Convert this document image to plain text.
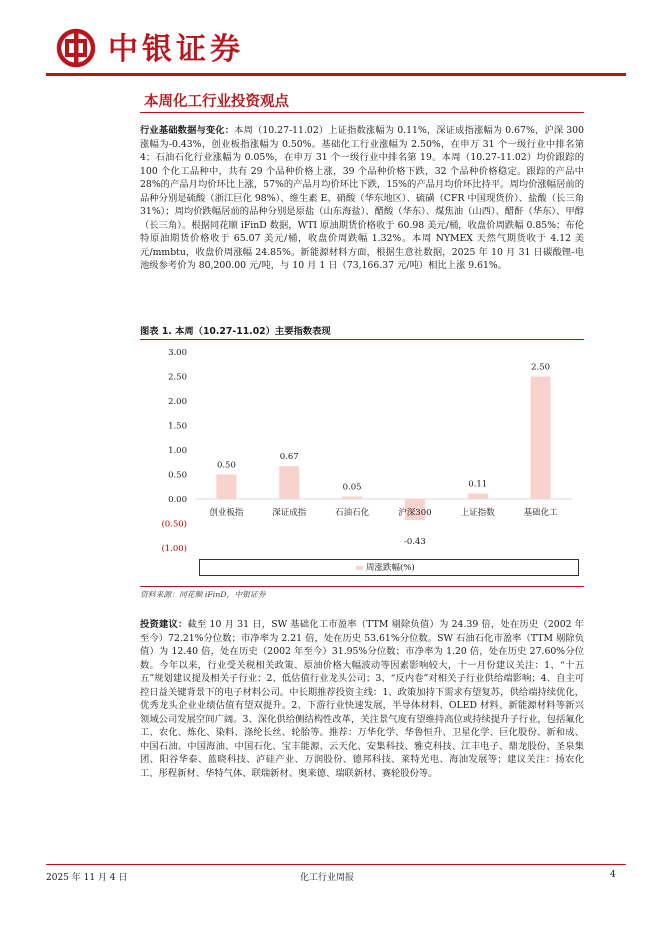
中银证券
本周化工行业投资观点
行业基础数据与变化：本周（10.27-11.02）上证指数涨幅为 0.11%，深证成指涨幅为 0.67%，沪深 300 涨幅为-0.43%，创业板指涨幅为 0.50%。基础化工行业涨幅为 2.50%，在申万 31 个一级行业中排名第 4；石油石化行业涨幅为 0.05%，在申万 31 个一级行业中排名第 19。本周（10.27-11.02）均价跟踪的 100 个化工品种中，共有 29 个品种价格上涨，39 个品种价格下跌，32 个品种价格稳定。跟踪的产品中 28%的产品月均价环比上涨，57%的产品月均价环比下跌，15%的产品月均价环比持平。周均价涨幅居前的品种分别是硫酸（浙江巨化 98%）、维生素 E、硝酸（华东地区）、硫磺（CFR 中国现货价）、盐酸（长三角 31%）；周均价跌幅居前的品种分别是原盐（山东海盐）、醋酸（华东）、煤焦油（山西）、醋酐（华东）、甲醇（长三角）。根据同花顺 iFinD 数据，WTI 原油期货价格收于 60.98 美元/桶，收盘价周跌幅 0.85%；布伦特原油期货价格收于 65.07 美元/桶，收盘价周跌幅 1.32%。本周 NYMEX 天然气期货收于 4.12 美元/mmbtu，收盘价周涨幅 24.85%。新能源材料方面，根据生意社数据，2025 年 10 月 31 日碳酸锂-电池级参考价为 80,200.00 元/吨，与 10 月 1 日（73,166.37 元/吨）相比上涨 9.61%。
图表 1. 本周（10.27-11.02）主要指数表现
3.00
2.50
2.00
1.50
1.00
0.50
0.00
(0.50)
(1.00)
0.50
创业板指
0.67
深证成指
0.05
石油石化
-0.43
沪深300
0.11
上证指数
2.50
基础化工
周涨跌幅(%)
资料来源：同花顺 iFinD，中银证券
投资建议：截至 10 月 31 日，SW 基础化工市盈率（TTM 剔除负值）为 24.39 倍，处在历史（2002 年至今）72.21%分位数；市净率为 2.21 倍，处在历史 53.61%分位数。SW 石油石化市盈率（TTM 剔除负值）为 12.40 倍，处在历史（2002 年至今）31.95%分位数；市净率为 1.20 倍，处在历史 27.60%分位数。今年以来，行业受关税相关政策、原油价格大幅波动等因素影响较大，十一月份建议关注：1、“十五五”规划建议提及相关子行业；2、低估值行业龙头公司；3、“反内卷”对相关子行业供给端影响；4、自主可控日益关键背景下的电子材料公司。中长期推荐投资主线：1、政策加持下需求有望复苏，供给端持续优化，优秀龙头企业业绩估值有望双提升。2、下游行业快速发展，半导体材料、OLED 材料、新能源材料等新兴领域公司发展空间广阔。3、深化供给侧结构性改革，关注景气度有望维持高位或持续提升子行业，包括氟化工、农化、炼化、染料、涤纶长丝、轮胎等。推荐：万华化学、华鲁恒升、卫星化学、巨化股份、新和成、中国石油、中国海油、中国石化、宝丰能源、云天化、安集科技、雅克科技、江丰电子、鼎龙股份、圣泉集团、阳谷华泰、蓝晓科技、泸硅产业、万润股份、德邦科技、莱特光电、海油发展等；建议关注：扬农化工、彤程新材、华特气体、联瑞新材、奥来德、瑞联新材、赛轮股份等。
2025 年 11 月 4 日	化工行业周报	4
